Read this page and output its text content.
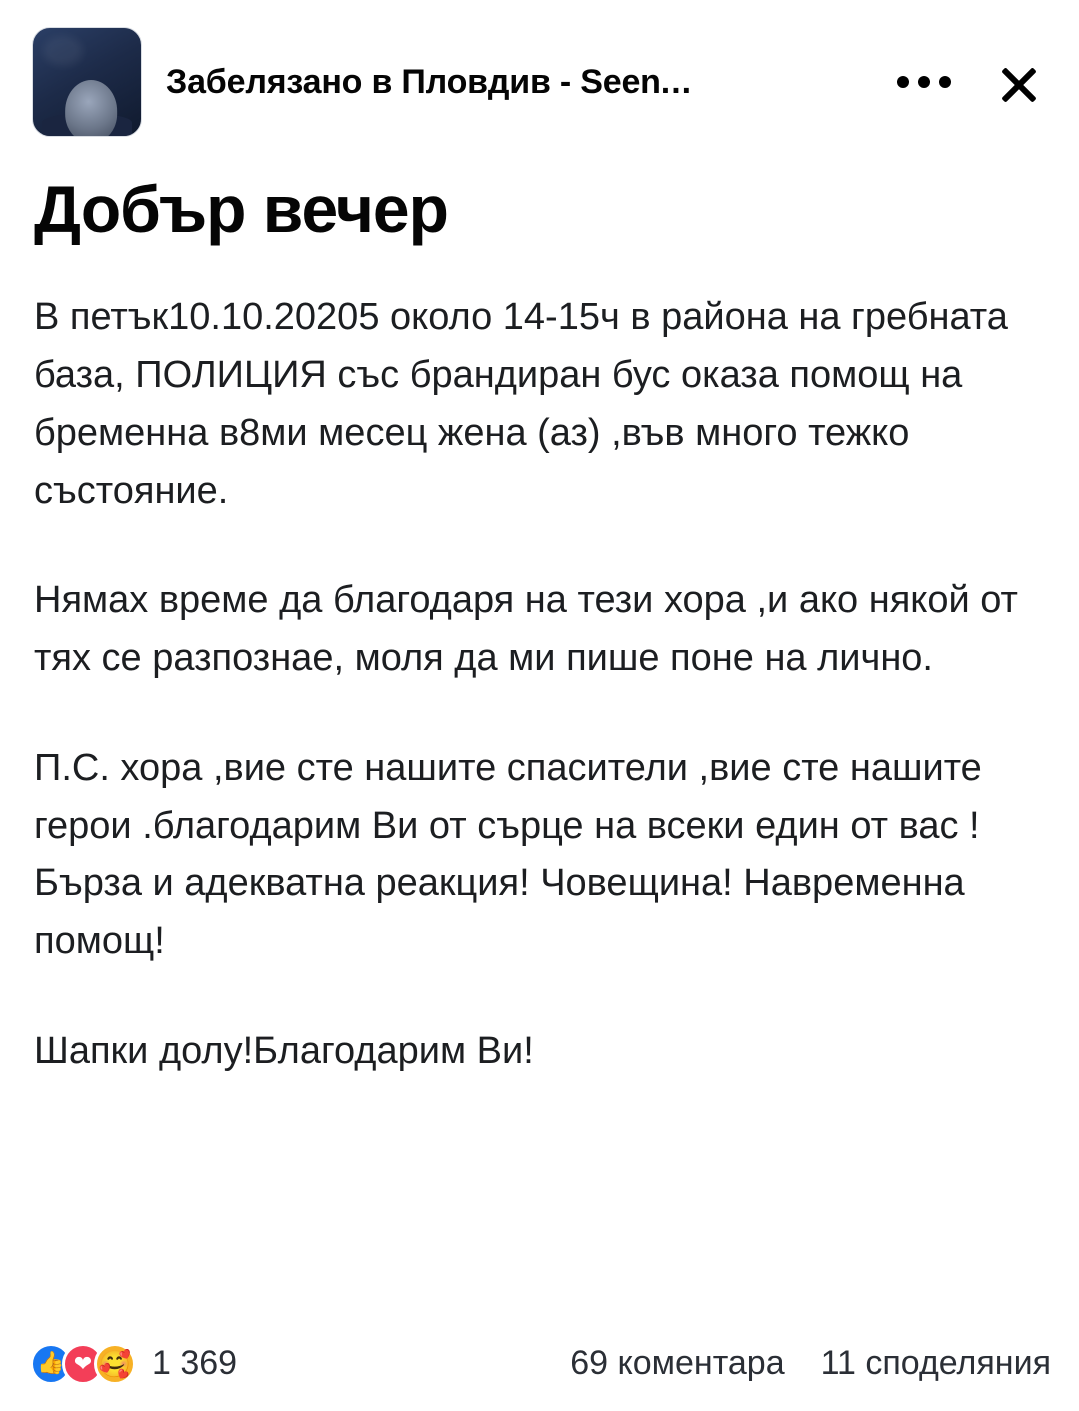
Забелязано в Пловдив - Seen...
Добър вечер

В петък10.10.20205 около 14-15ч в района на гребната база, ПОЛИЦИЯ със брандиран бус оказа помощ на бременна в8ми месец жена (аз) ,във много тежко състояние.

Нямах време да благодаря на тези хора ,и ако някой от тях се разпознае, моля да ми пише поне на лично.

П.С. хора ,вие сте нашите спасители ,вие сте нашите герои .благодарим Ви от сърце на всеки един от вас !Бърза и адекватна реакция! Човещина! Навременна помощ!

Шапки долу!Благодарим Ви!

👍 ❤ 🥰 1 369	69 коментара 11 споделяния
